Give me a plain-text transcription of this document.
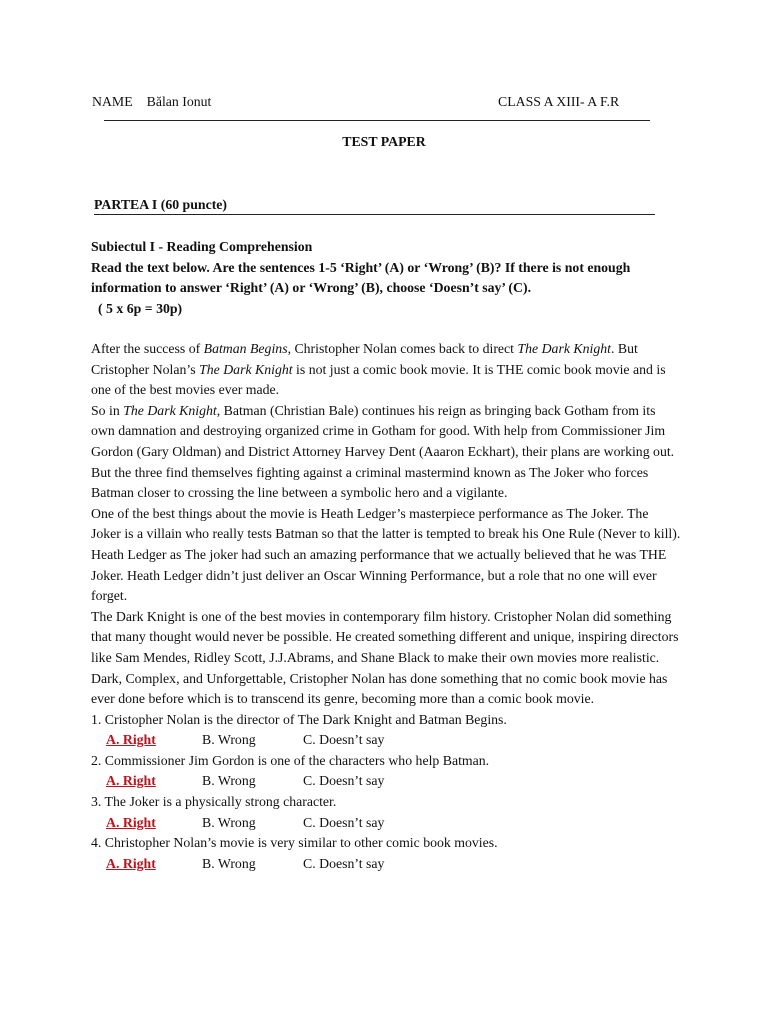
NAME Bălan Ionut	CLASS A XIII- A F.R
TEST PAPER
PARTEA I (60 puncte)
Subiectul I - Reading Comprehension
Read the text below. Are the sentences 1-5 ‘Right’ (A) or ‘Wrong’ (B)? If there is not enough information to answer ‘Right’ (A) or ‘Wrong’ (B), choose ‘Doesn’t say’ (C).
( 5 x 6p = 30p)

After the success of Batman Begins, Christopher Nolan comes back to direct The Dark Knight. But Cristopher Nolan’s The Dark Knight is not just a comic book movie. It is THE comic book movie and is one of the best movies ever made.

So in The Dark Knight, Batman (Christian Bale) continues his reign as bringing back Gotham from its own damnation and destroying organized crime in Gotham for good. With help from Commissioner Jim Gordon (Gary Oldman) and District Attorney Harvey Dent (Aaaron Eckhart), their plans are working out. But the three find themselves fighting against a criminal mastermind known as The Joker who forces Batman closer to crossing the line between a symbolic hero and a vigilante.

One of the best things about the movie is Heath Ledger’s masterpiece performance as The Joker. The Joker is a villain who really tests Batman so that the latter is tempted to break his One Rule (Never to kill). Heath Ledger as The joker had such an amazing performance that we actually believed that he was THE Joker. Heath Ledger didn’t just deliver an Oscar Winning Performance, but a role that no one will ever forget.

The Dark Knight is one of the best movies in contemporary film history. Cristopher Nolan did something that many thought would never be possible. He created something different and unique, inspiring directors like Sam Mendes, Ridley Scott, J.J.Abrams, and Shane Black to make their own movies more realistic.

Dark, Complex, and Unforgettable, Cristopher Nolan has done something that no comic book movie has ever done before which is to transcend its genre, becoming more than a comic book movie.

1. Cristopher Nolan is the director of The Dark Knight and Batman Begins.
A. Right	B. Wrong	C. Doesn’t say
2. Commissioner Jim Gordon is one of the characters who help Batman.
A. Right	B. Wrong	C. Doesn’t say
3. The Joker is a physically strong character.
A. Right	B. Wrong	C. Doesn’t say
4. Christopher Nolan’s movie is very similar to other comic book movies.
A. Right	B. Wrong	C. Doesn’t say
